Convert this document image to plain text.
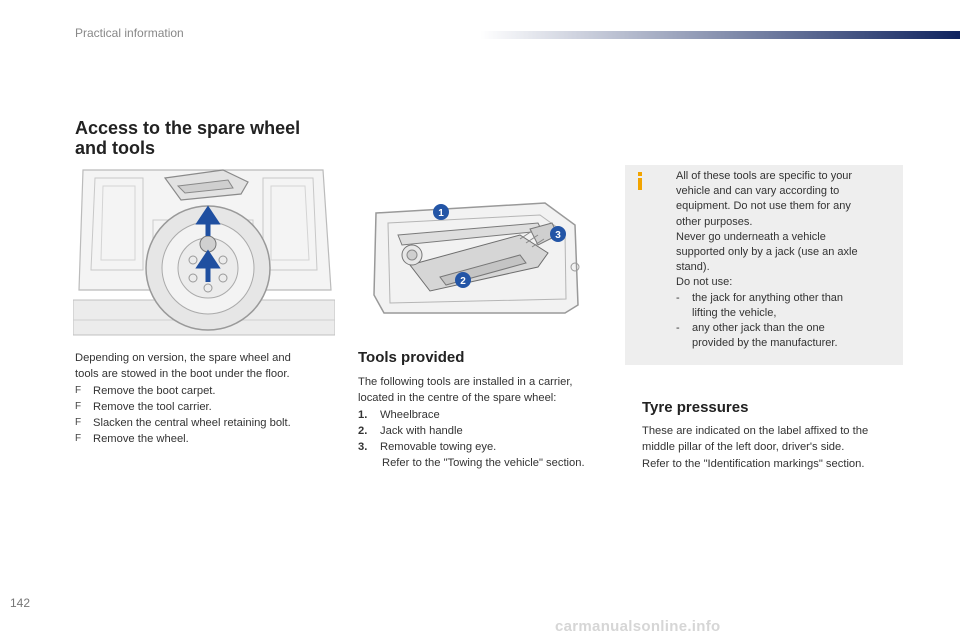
Practical information
Access to the spare wheel
and tools
Depending on version, the spare wheel and
tools are stowed in the boot under the floor.
F	Remove the boot carpet.
F	Remove the tool carrier.
F	Slacken the central wheel retaining bolt.
F	Remove the wheel.
1
2
3
Tools provided
The following tools are installed in a carrier,
located in the centre of the spare wheel:
1.	Wheelbrace
2.	Jack with handle
3.	Removable towing eye.
Refer to the "Towing the vehicle" section.
All of these tools are specific to your
vehicle and can vary according to
equipment. Do not use them for any
other purposes.
Never go underneath a vehicle
supported only by a jack (use an axle
stand).
Do not use:
-	the jack for anything other than
lifting the vehicle,
-	any other jack than the one
provided by the manufacturer.
Tyre pressures
These are indicated on the label affixed to the
middle pillar of the left door, driver's side.
Refer to the "Identification markings" section.
142
carmanualsonline.info
